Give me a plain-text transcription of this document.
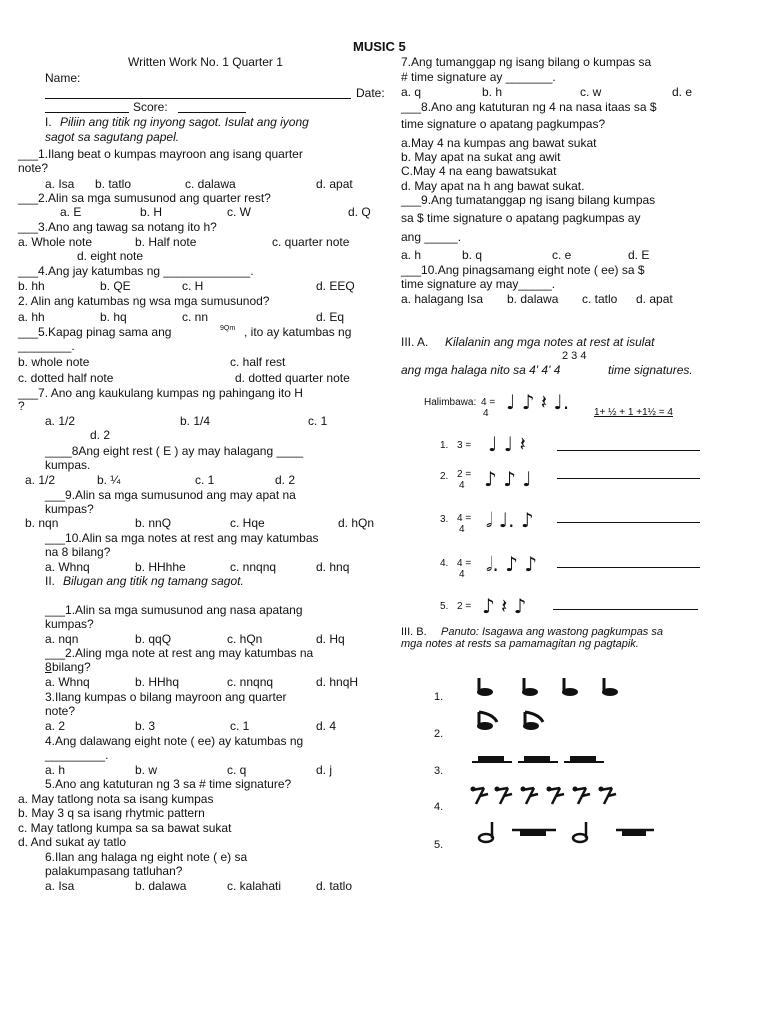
MUSIC 5
Written Work No. 1 Quarter 1
Name:
Date:
Score:
I. Piliin ang titik ng inyong sagot. Isulat ang iyong
sagot sa sagutang papel.
___1.Ilang beat o kumpas mayroon ang isang quarter
note?
a. Isa b. tatlo	c. dalawa	d. apat
___2.Alin sa mga sumusunod ang quarter rest?
a. E	b. H	c. W	d. Q
___3.Ano ang tawag sa notang ito h?
a. Whole note	b. Half note	c. quarter note
d. eight note
___4.Ang jay katumbas ng _____________.
b. hh	b. QE	c. H	d. EEQ
2. Alin ang katumbas ng wsa mga sumusunod?
a. hh	b. hq	c. nn	d. Eq
___5.Kapag pinag sama ang	9Qm , ito ay katumbas ng
________.
b. whole note	c. half rest
c. dotted half note	d. dotted quarter note
___7. Ano ang kaukulang kumpas ng pahingang ito H
?
a. 1/2	b. 1/4	c. 1
d. 2
____8Ang eight rest ( E ) ay may halagang ____
kumpas.
a. 1/2	b. ¼	c. 1	d. 2
___9.Alin sa mga sumusunod ang may apat na
kumpas?
b. nqn	b. nnQ	c. Hqe	d. hQn
___10.Alin sa mga notes at rest ang may katumbas
na 8 bilang?
a. Whnq	b. HHhhe	c. nnqnq	d. hnq
II. Bilugan ang titik ng tamang sagot.
___1.Alin sa mga sumusunod ang nasa apatang
kumpas?
a. nqn	b. qqQ	c. hQn	d. Hq
___2.Aling mga note at rest ang may katumbas na
8 bilang?
a. Whnq	b. HHhq	c. nnqnq	d. hnqH
3.Ilang kumpas o bilang mayroon ang quarter
note?
a. 2	b. 3	c. 1	d. 4
4.Ang dalawang eight note ( ee) ay katumbas ng
_________.
a. h	b. w	c. q	d. j
5.Ano ang katuturan ng 3 sa # time signature?
a. May tatlong nota sa isang kumpas
b. May 3 q sa isang rhytmic pattern
c. May tatlong kumpa sa sa bawat sukat
d. And sukat ay tatlo
6.Ilan ang halaga ng eight note ( e) sa
palakumpasang tatluhan?
a. Isa	b. dalawa	c. kalahati	d. tatlo
7.Ang tumanggap ng isang bilang o kumpas sa
# time signature ay _______.
a. q	b. h	c. w	d. e
___8.Ano ang katuturan ng 4 na nasa itaas sa $
time signature o apatang pagkumpas?
a.May 4 na kumpas ang bawat sukat
b. May apat na sukat ang awit
C.May 4 na eang bawatsukat
d. May apat na h ang bawat sukat.
___9.Ang tumatanggap ng isang bilang kumpas
sa $ time signature o apatang pagkumpas ay
ang _____.
a. h	b. q	c. e	d. E
___10.Ang pinagsamang eight note ( ee) sa $
time signature ay may_____.
a. halagang Isa b. dalawa c. tatlo d. apat
III. A. Kilalanin ang mga notes at rest at isulat
2 3 4
ang mga halaga nito sa 4' 4' 4	time signatures.
Halimbawa: 4 =
4 ♩ ♪ 𝄽 ♩. 1+ ½ + 1 +1½ = 4
1. 3 = ♩ ♩ 𝄽
2. 2 =
4 ♪ ♪ ♩
3. 4 =
4 𝅗𝅥 ♩. ♪
4. 4 =
4 𝅗𝅥. ♪ ♪
5. 2 = ♪ 𝄽 ♪
III. B. Panuto: Isagawa ang wastong pagkumpas sa
mga notes at rests sa pamamagitan ng pagtapik.
1.
2.
3.
4.
5.
